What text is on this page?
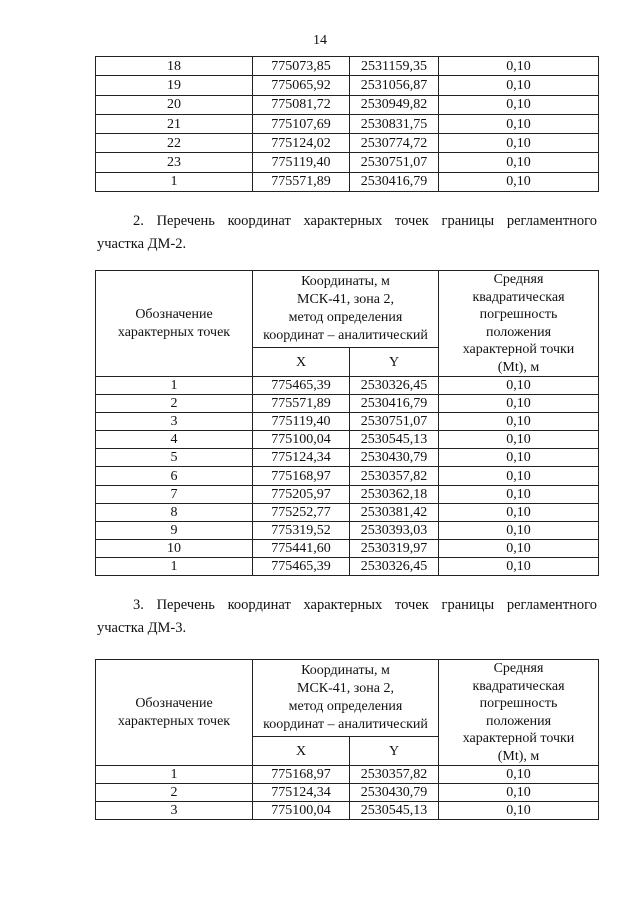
14
18	775073,85	2531159,35	0,10
19	775065,92	2531056,87	0,10
20	775081,72	2530949,82	0,10
21	775107,69	2530831,75	0,10
22	775124,02	2530774,72	0,10
23	775119,40	2530751,07	0,10
1	775571,89	2530416,79	0,10
2. Перечень координат характерных точек границы регламентного
участка ДМ-2.
Обозначение характерных точек	
Координаты, м
МСК-41, зона 2,
метод определения
координат – аналитический

Средняя
квадратическая
погрешность
положения
характерной точки
(Mt), м

	X	Y	
1	775465,39	2530326,45	0,10
2	775571,89	2530416,79	0,10
3	775119,40	2530751,07	0,10
4	775100,04	2530545,13	0,10
5	775124,34	2530430,79	0,10
6	775168,97	2530357,82	0,10
7	775205,97	2530362,18	0,10
8	775252,77	2530381,42	0,10
9	775319,52	2530393,03	0,10
10	775441,60	2530319,97	0,10
1	775465,39	2530326,45	0,10
3. Перечень координат характерных точек границы регламентного
участка ДМ-3.
Обозначение характерных точек	
Координаты, м
МСК-41, зона 2,
метод определения
координат – аналитический

Средняя
квадратическая
погрешность
положения
характерной точки
(Mt), м

	X	Y	
1	775168,97	2530357,82	0,10
2	775124,34	2530430,79	0,10
3	775100,04	2530545,13	0,10
